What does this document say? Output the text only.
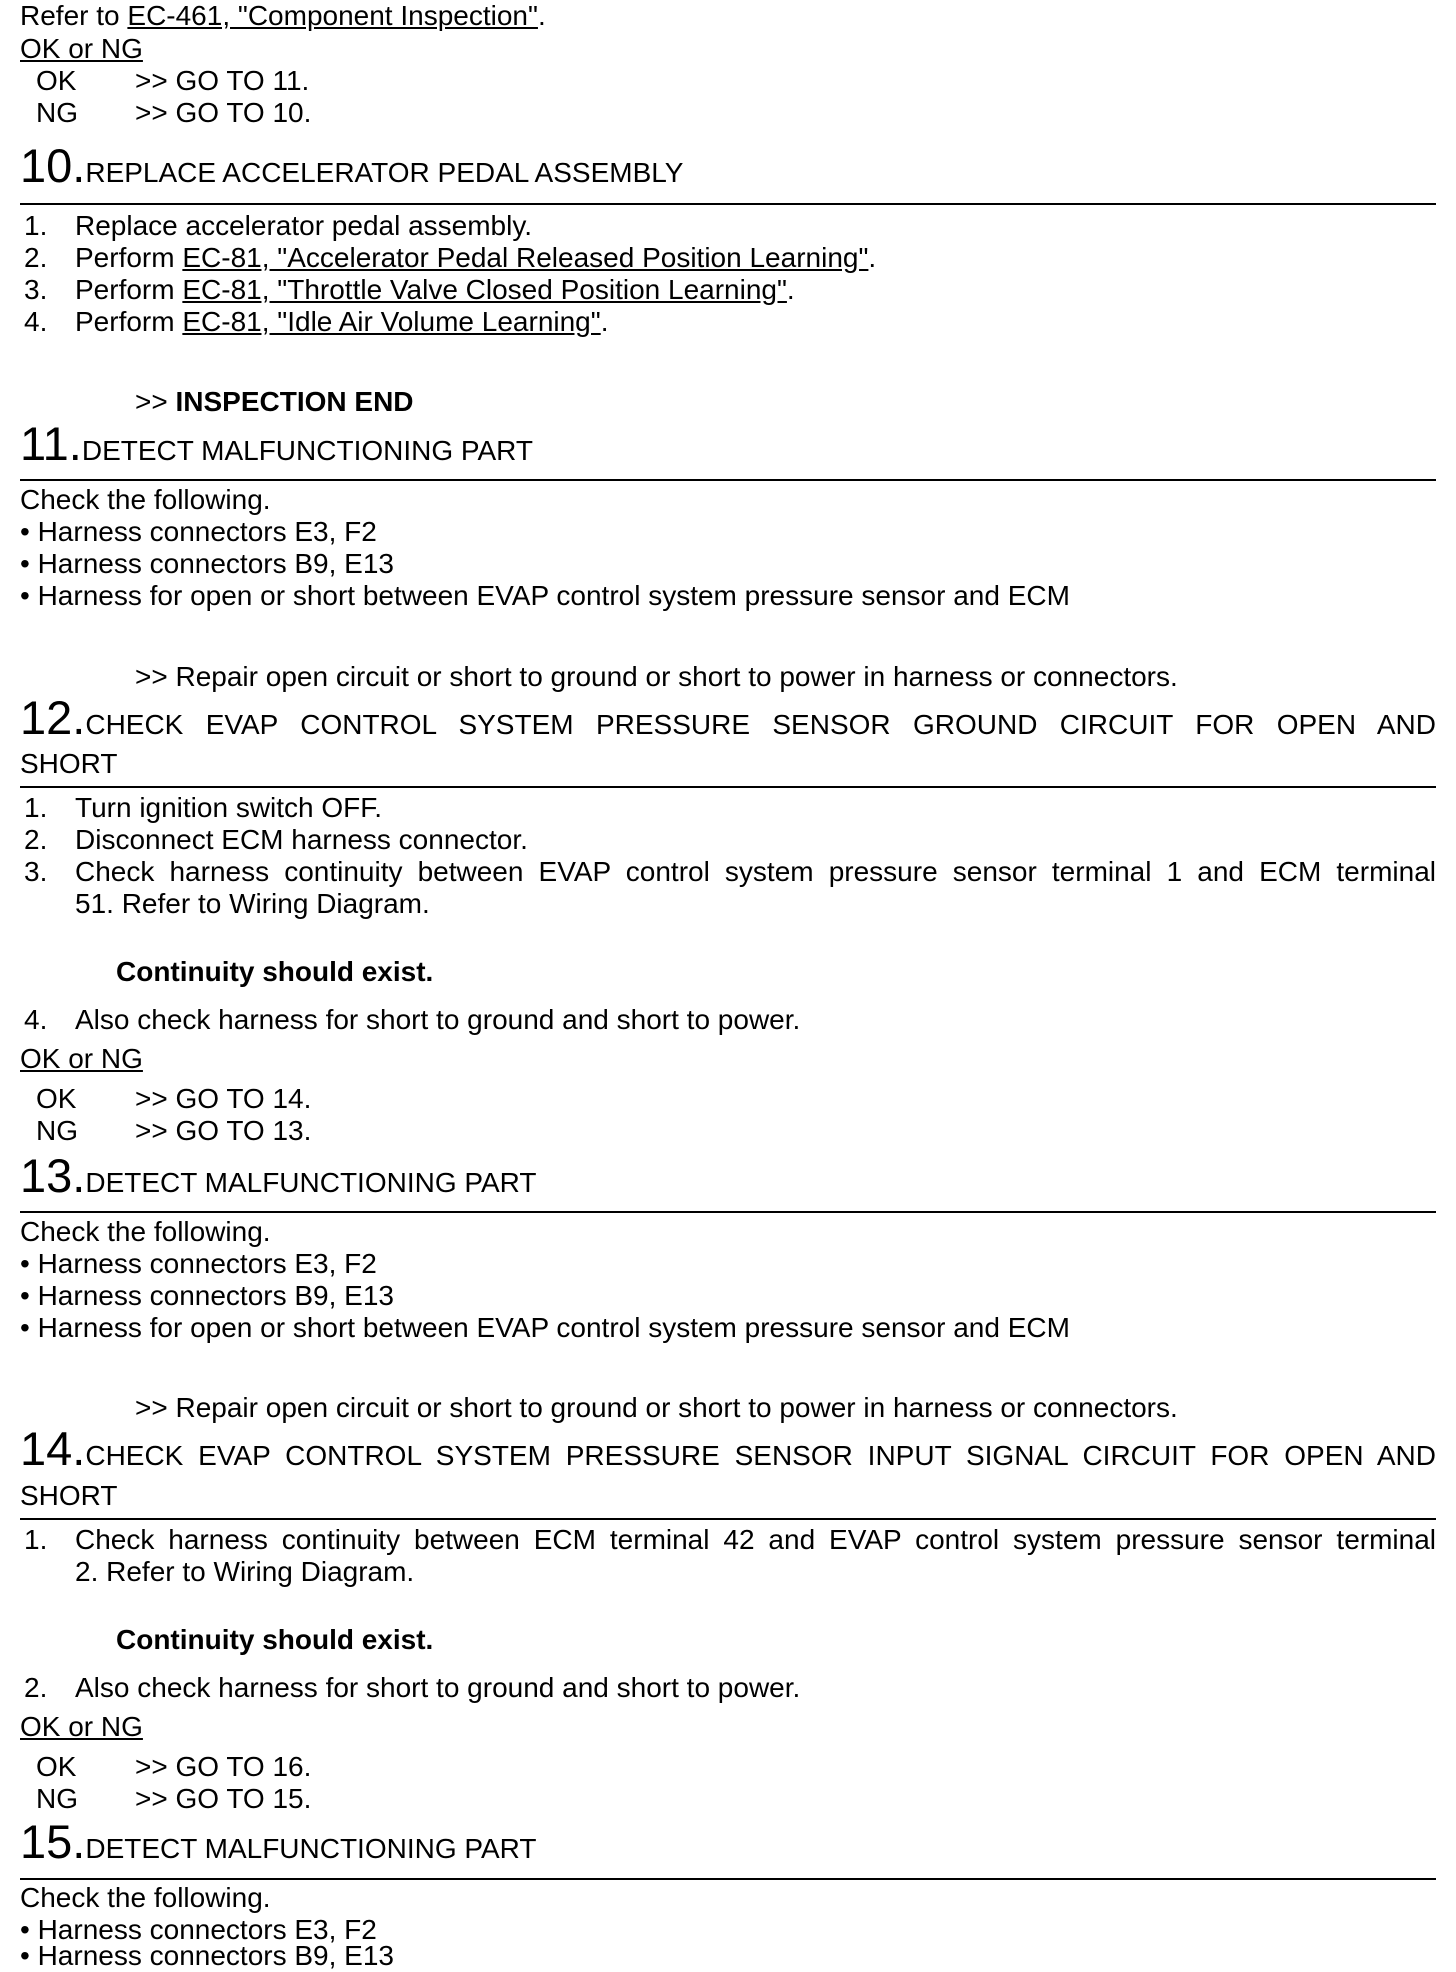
Refer to EC-461, "Component Inspection".
OK or NG
OK >> GO TO 11.
NG >> GO TO 10.
10.REPLACE ACCELERATOR PEDAL ASSEMBLY
1. Replace accelerator pedal assembly.
2. Perform EC-81, "Accelerator Pedal Released Position Learning".
3. Perform EC-81, "Throttle Valve Closed Position Learning".
4. Perform EC-81, "Idle Air Volume Learning".
>> INSPECTION END
11.DETECT MALFUNCTIONING PART
Check the following.
• Harness connectors E3, F2
• Harness connectors B9, E13
• Harness for open or short between EVAP control system pressure sensor and ECM
>> Repair open circuit or short to ground or short to power in harness or connectors.
12.CHECK EVAP CONTROL SYSTEM PRESSURE SENSOR GROUND CIRCUIT FOR OPEN AND
SHORT
1. Turn ignition switch OFF.
2. Disconnect ECM harness connector.
3. Check harness continuity between EVAP control system pressure sensor terminal 1 and ECM terminal
51. Refer to Wiring Diagram.
Continuity should exist.
4. Also check harness for short to ground and short to power.
OK or NG
OK >> GO TO 14.
NG >> GO TO 13.
13.DETECT MALFUNCTIONING PART
Check the following.
• Harness connectors E3, F2
• Harness connectors B9, E13
• Harness for open or short between EVAP control system pressure sensor and ECM
>> Repair open circuit or short to ground or short to power in harness or connectors.
14.CHECK EVAP CONTROL SYSTEM PRESSURE SENSOR INPUT SIGNAL CIRCUIT FOR OPEN AND
SHORT
1. Check harness continuity between ECM terminal 42 and EVAP control system pressure sensor terminal
2. Refer to Wiring Diagram.
Continuity should exist.
2. Also check harness for short to ground and short to power.
OK or NG
OK >> GO TO 16.
NG >> GO TO 15.
15.DETECT MALFUNCTIONING PART
Check the following.
• Harness connectors E3, F2
• Harness connectors B9, E13
